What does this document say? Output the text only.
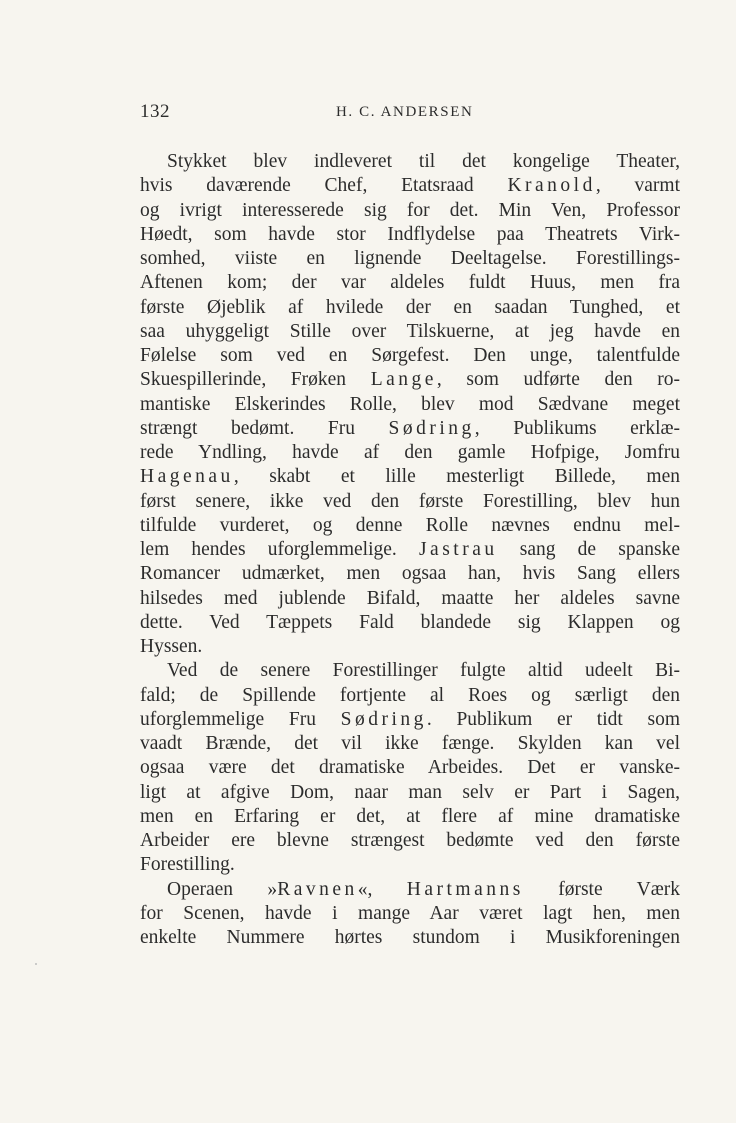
132	H. C. ANDERSEN
Stykket blev indleveret til det kongelige Theater,
hvis daværende Chef, Etatsraad Kranold, varmt
og ivrigt interesserede sig for det. Min Ven, Professor
Høedt, som havde stor Indflydelse paa Theatrets Virk-
somhed, viiste en lignende Deeltagelse. Forestillings-
Aftenen kom; der var aldeles fuldt Huus, men fra
første Øjeblik af hvilede der en saadan Tunghed, et
saa uhyggeligt Stille over Tilskuerne, at jeg havde en
Følelse som ved en Sørgefest. Den unge, talentfulde
Skuespillerinde, Frøken Lange, som udførte den ro-
mantiske Elskerindes Rolle, blev mod Sædvane meget
strængt bedømt. Fru Sødring, Publikums erklæ-
rede Yndling, havde af den gamle Hofpige, Jomfru
Hagenau, skabt et lille mesterligt Billede, men
først senere, ikke ved den første Forestilling, blev hun
tilfulde vurderet, og denne Rolle nævnes endnu mel-
lem hendes uforglemmelige. Jastrau sang de spanske
Romancer udmærket, men ogsaa han, hvis Sang ellers
hilsedes med jublende Bifald, maatte her aldeles savne
dette. Ved Tæppets Fald blandede sig Klappen og
Hyssen.
Ved de senere Forestillinger fulgte altid udeelt Bi-
fald; de Spillende fortjente al Roes og særligt den
uforglemmelige Fru Sødring. Publikum er tidt som
vaadt Brænde, det vil ikke fænge. Skylden kan vel
ogsaa være det dramatiske Arbeides. Det er vanske-
ligt at afgive Dom, naar man selv er Part i Sagen,
men en Erfaring er det, at flere af mine dramatiske
Arbeider ere blevne strængest bedømte ved den første
Forestilling.
Operaen »Ravnen«, Hartmanns første Værk
for Scenen, havde i mange Aar været lagt hen, men
enkelte Nummere hørtes stundom i Musikforeningen
